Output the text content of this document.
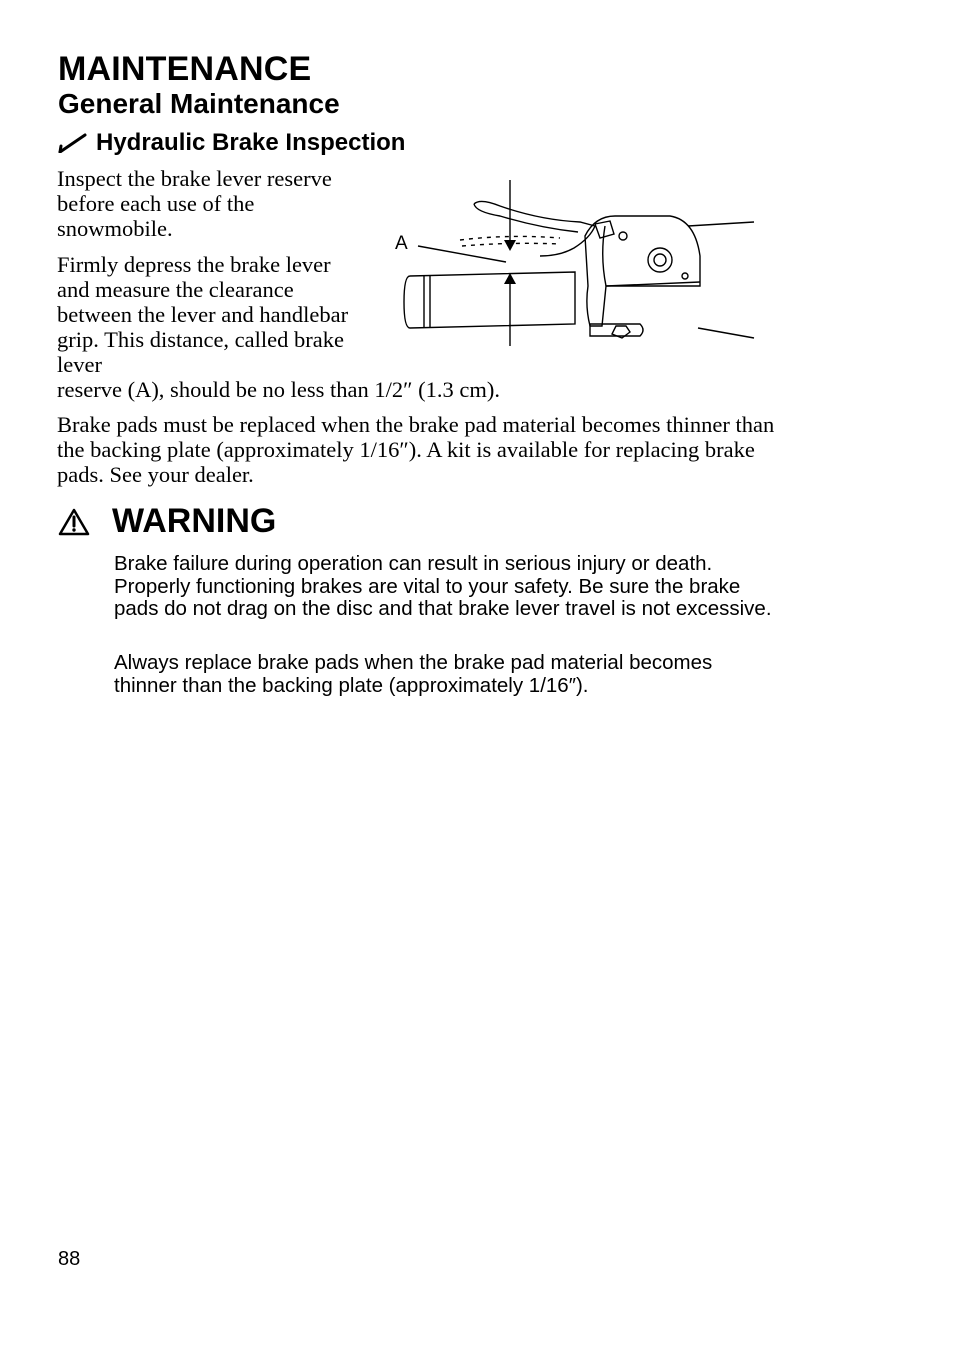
MAINTENANCE
General Maintenance
Hydraulic Brake Inspection

Inspect the brake lever reserve before each use of the snowmobile.

Firmly depress the brake lever and measure the clearance between the lever and handlebar grip. This distance, called brake lever

reserve (A), should be no less than 1/2″ (1.3 cm).

Brake pads must be replaced when the brake pad material becomes thinner than the backing plate (approximately 1/16″). A kit is available for replacing brake pads. See your dealer.

A
WARNING

Brake failure during operation can result in serious injury or death. Properly functioning brakes are vital to your safety. Be sure the brake pads do not drag on the disc and that brake lever travel is not excessive.

Always replace brake pads when the brake pad material becomes thinner than the backing plate (approximately 1/16″).

88
